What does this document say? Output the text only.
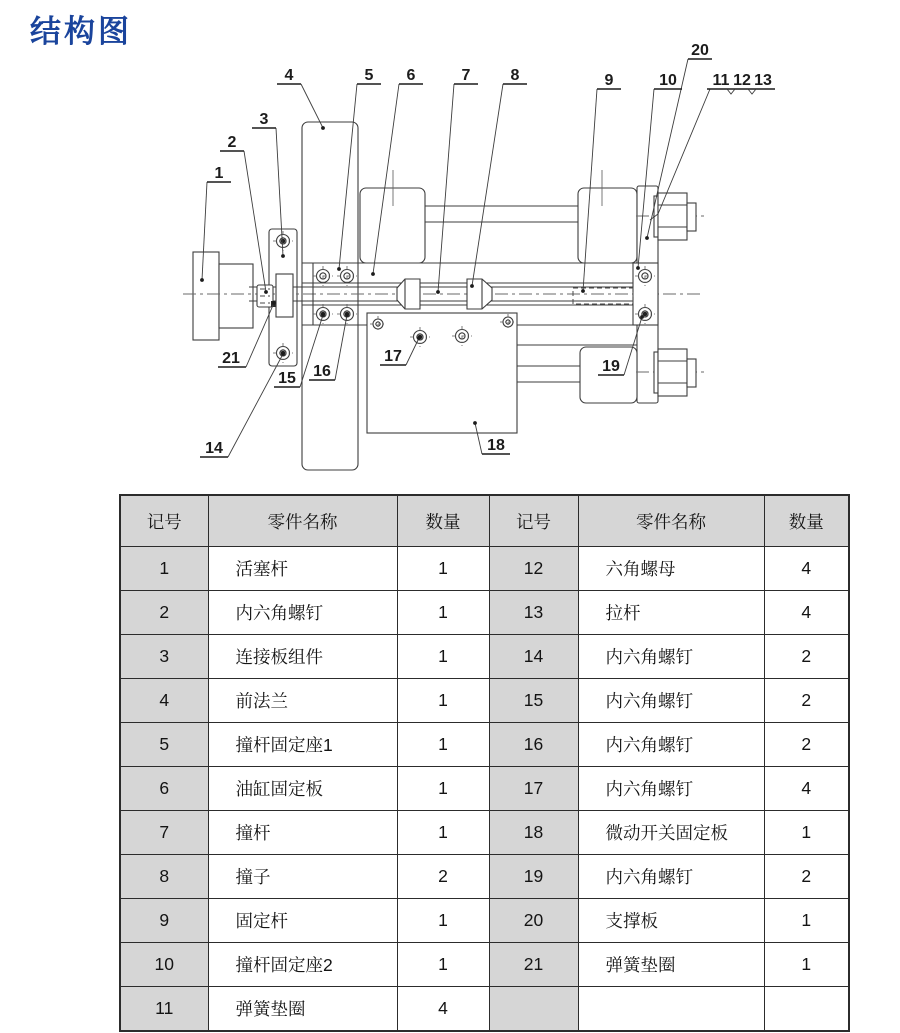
结构图
1
2
3
4	5 6	7	8	9	10 11 12 13
20
21
14
15 16
17
18
19
记号	零件名称	数量	记号	零件名称	数量
1	活塞杆	1	12	六角螺母	4
2	内六角螺钉	1	13	拉杆	4
3	连接板组件	1	14	内六角螺钉	2
4	前法兰	1	15	内六角螺钉	2
5	撞杆固定座1	1	16	内六角螺钉	2
6	油缸固定板	1	17	内六角螺钉	4
7	撞杆	1	18	微动开关固定板	1
8	撞子	2	19	内六角螺钉	2
9	固定杆	1	20	支撑板	1
10	撞杆固定座2	1	21	弹簧垫圈	1
11	弹簧垫圈	4			
